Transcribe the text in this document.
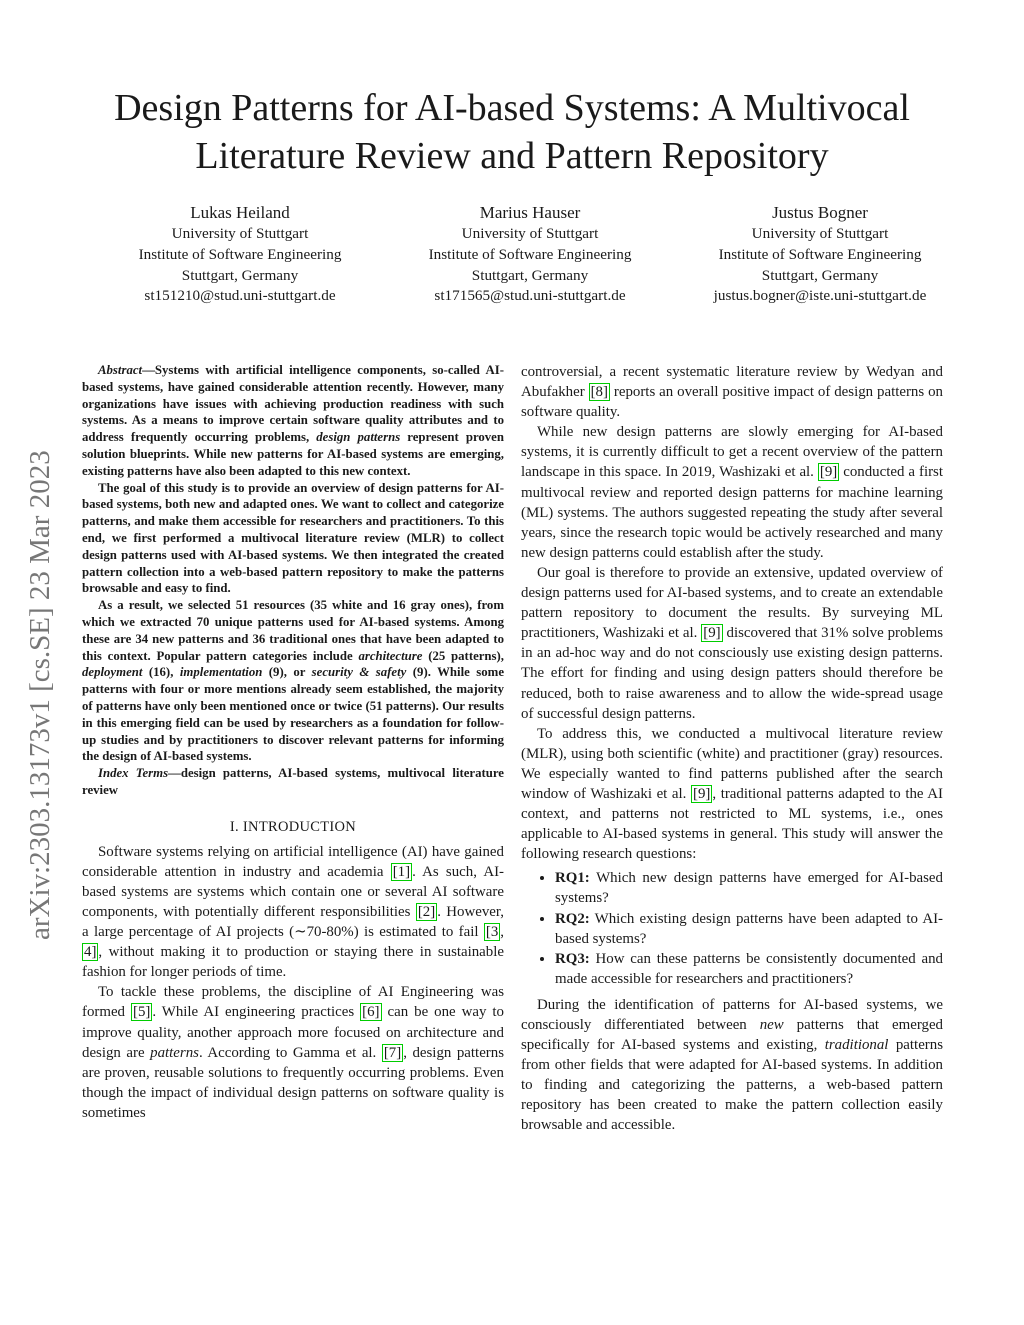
Design Patterns for AI-based Systems: A Multivocal Literature Review and Pattern Repository
Lukas Heiland
University of Stuttgart
Institute of Software Engineering
Stuttgart, Germany
st151210@stud.uni-stuttgart.de
Marius Hauser
University of Stuttgart
Institute of Software Engineering
Stuttgart, Germany
st171565@stud.uni-stuttgart.de
Justus Bogner
University of Stuttgart
Institute of Software Engineering
Stuttgart, Germany
justus.bogner@iste.uni-stuttgart.de
arXiv:2303.13173v1 [cs.SE] 23 Mar 2023

Abstract—Systems with artificial intelligence components, so-called AI-based systems, have gained considerable attention recently. However, many organizations have issues with achieving production readiness with such systems. As a means to improve certain software quality attributes and to address frequently occurring problems, design patterns represent proven solution blueprints. While new patterns for AI-based systems are emerging, existing patterns have also been adapted to this new context.

The goal of this study is to provide an overview of design patterns for AI-based systems, both new and adapted ones. We want to collect and categorize patterns, and make them accessible for researchers and practitioners. To this end, we first performed a multivocal literature review (MLR) to collect design patterns used with AI-based systems. We then integrated the created pattern collection into a web-based pattern repository to make the patterns browsable and easy to find.

As a result, we selected 51 resources (35 white and 16 gray ones), from which we extracted 70 unique patterns used for AI-based systems. Among these are 34 new patterns and 36 traditional ones that have been adapted to this context. Popular pattern categories include architecture (25 patterns), deployment (16), implementation (9), or security & safety (9). While some patterns with four or more mentions already seem established, the majority of patterns have only been mentioned once or twice (51 patterns). Our results in this emerging field can be used by researchers as a foundation for follow-up studies and by practitioners to discover relevant patterns for informing the design of AI-based systems.

Index Terms—design patterns, AI-based systems, multivocal literature review

I. INTRODUCTION

Software systems relying on artificial intelligence (AI) have gained considerable attention in industry and academia [1] . As such, AI-based systems are systems which contain one or several AI software components, with potentially different responsibilities [2] . However, a large percentage of AI projects (∼70-80%) is estimated to fail [3 , 4] , without making it to production or staying there in sustainable fashion for longer periods of time.

To tackle these problems, the discipline of AI Engineering was formed [5] . While AI engineering practices [6] can be one way to improve quality, another approach more focused on architecture and design are patterns. According to Gamma et al. [7] , design patterns are proven, reusable solutions to frequently occurring problems. Even though the impact of individual design patterns on software quality is sometimes

controversial, a recent systematic literature review by Wedyan and Abufakher [8] reports an overall positive impact of design patterns on software quality.

While new design patterns are slowly emerging for AI-based systems, it is currently difficult to get a recent overview of the pattern landscape in this space. In 2019, Washizaki et al. [9] conducted a first multivocal review and reported design patterns for machine learning (ML) systems. The authors suggested repeating the study after several years, since the research topic would be actively researched and many new design patterns could establish after the study.

Our goal is therefore to provide an extensive, updated overview of design patterns used for AI-based systems, and to create an extendable pattern repository to document the results. By surveying ML practitioners, Washizaki et al. [9] discovered that 31% solve problems in an ad-hoc way and do not consciously use existing design patterns. The effort for finding and using design patters should therefore be reduced, both to raise awareness and to allow the wide-spread usage of successful design patterns.

To address this, we conducted a multivocal literature review (MLR), using both scientific (white) and practitioner (gray) resources. We especially wanted to find patterns published after the search window of Washizaki et al. [9] , traditional patterns adapted to the AI context, and patterns not restricted to ML systems, i.e., ones applicable to AI-based systems in general. This study will answer the following research questions:

• RQ1: Which new design patterns have emerged for AI-based systems?
• RQ2: Which existing design patterns have been adapted to AI-based systems?
• RQ3: How can these patterns be consistently documented and made accessible for researchers and practitioners?

During the identification of patterns for AI-based systems, we consciously differentiated between new patterns that emerged specifically for AI-based systems and existing, traditional patterns from other fields that were adapted for AI-based systems. In addition to finding and categorizing the patterns, a web-based pattern repository has been created to make the pattern collection easily browsable and accessible.
